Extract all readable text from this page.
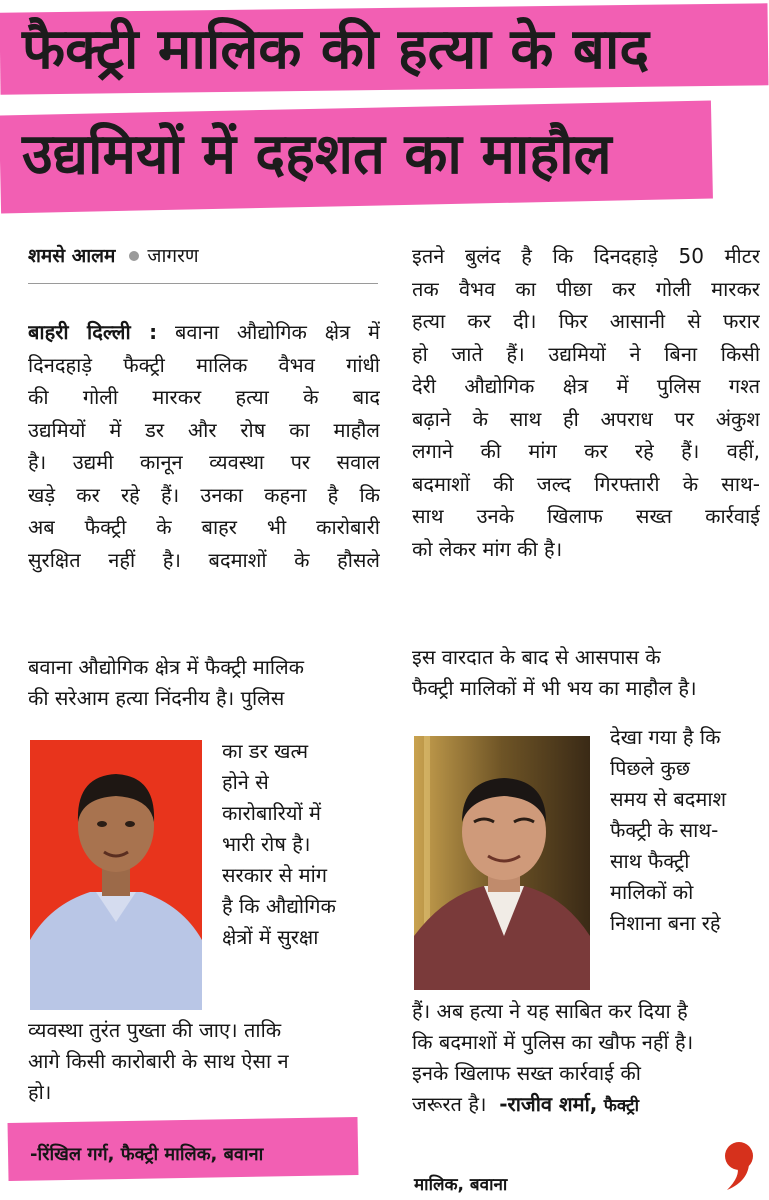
फैक्ट्री मालिक की हत्या के बाद
उद्यमियों में दहशत का माहौल
शमसे आलम जागरण
बाहरी दिल्ली : बवाना औद्योगिक क्षेत्र में
दिनदहाड़े फैक्ट्री मालिक वैभव गांधी
की गोली मारकर हत्या के बाद
उद्यमियों में डर और रोष का माहौल
है। उद्यमी कानून व्यवस्था पर सवाल
खड़े कर रहे हैं। उनका कहना है कि
अब फैक्ट्री के बाहर भी कारोबारी
सुरक्षित नहीं है। बदमाशों के हौसले
इतने बुलंद है कि दिनदहाड़े 50 मीटर
तक वैभव का पीछा कर गोली मारकर
हत्या कर दी। फिर आसानी से फरार
हो जाते हैं। उद्यमियों ने बिना किसी
देरी औद्योगिक क्षेत्र में पुलिस गश्त
बढ़ाने के साथ ही अपराध पर अंकुश
लगाने की मांग कर रहे हैं। वहीं,
बदमाशों की जल्द गिरफ्तारी के साथ-
साथ उनके खिलाफ सख्त कार्रवाई
को लेकर मांग की है।
बवाना औद्योगिक क्षेत्र में फैक्ट्री मालिक
की सरेआम हत्या निंदनीय है। पुलिस
का डर खत्म
होने से
कारोबारियों में
भारी रोष है।
सरकार से मांग
है कि औद्योगिक
क्षेत्रों में सुरक्षा
व्यवस्था तुरंत पुख्ता की जाए। ताकि
आगे किसी कारोबारी के साथ ऐसा न
हो।
-रिंखिल गर्ग, फैक्ट्री मालिक, बवाना
इस वारदात के बाद से आसपास के
फैक्ट्री मालिकों में भी भय का माहौल है।
देखा गया है कि
पिछले कुछ
समय से बदमाश
फैक्ट्री के साथ-
साथ फैक्ट्री
मालिकों को
निशाना बना रहे
हैं। अब हत्या ने यह साबित कर दिया है
कि बदमाशों में पुलिस का खौफ नहीं है।
इनके खिलाफ सख्त कार्रवाई की
जरूरत है। -राजीव शर्मा, फैक्ट्री
मालिक, बवाना
